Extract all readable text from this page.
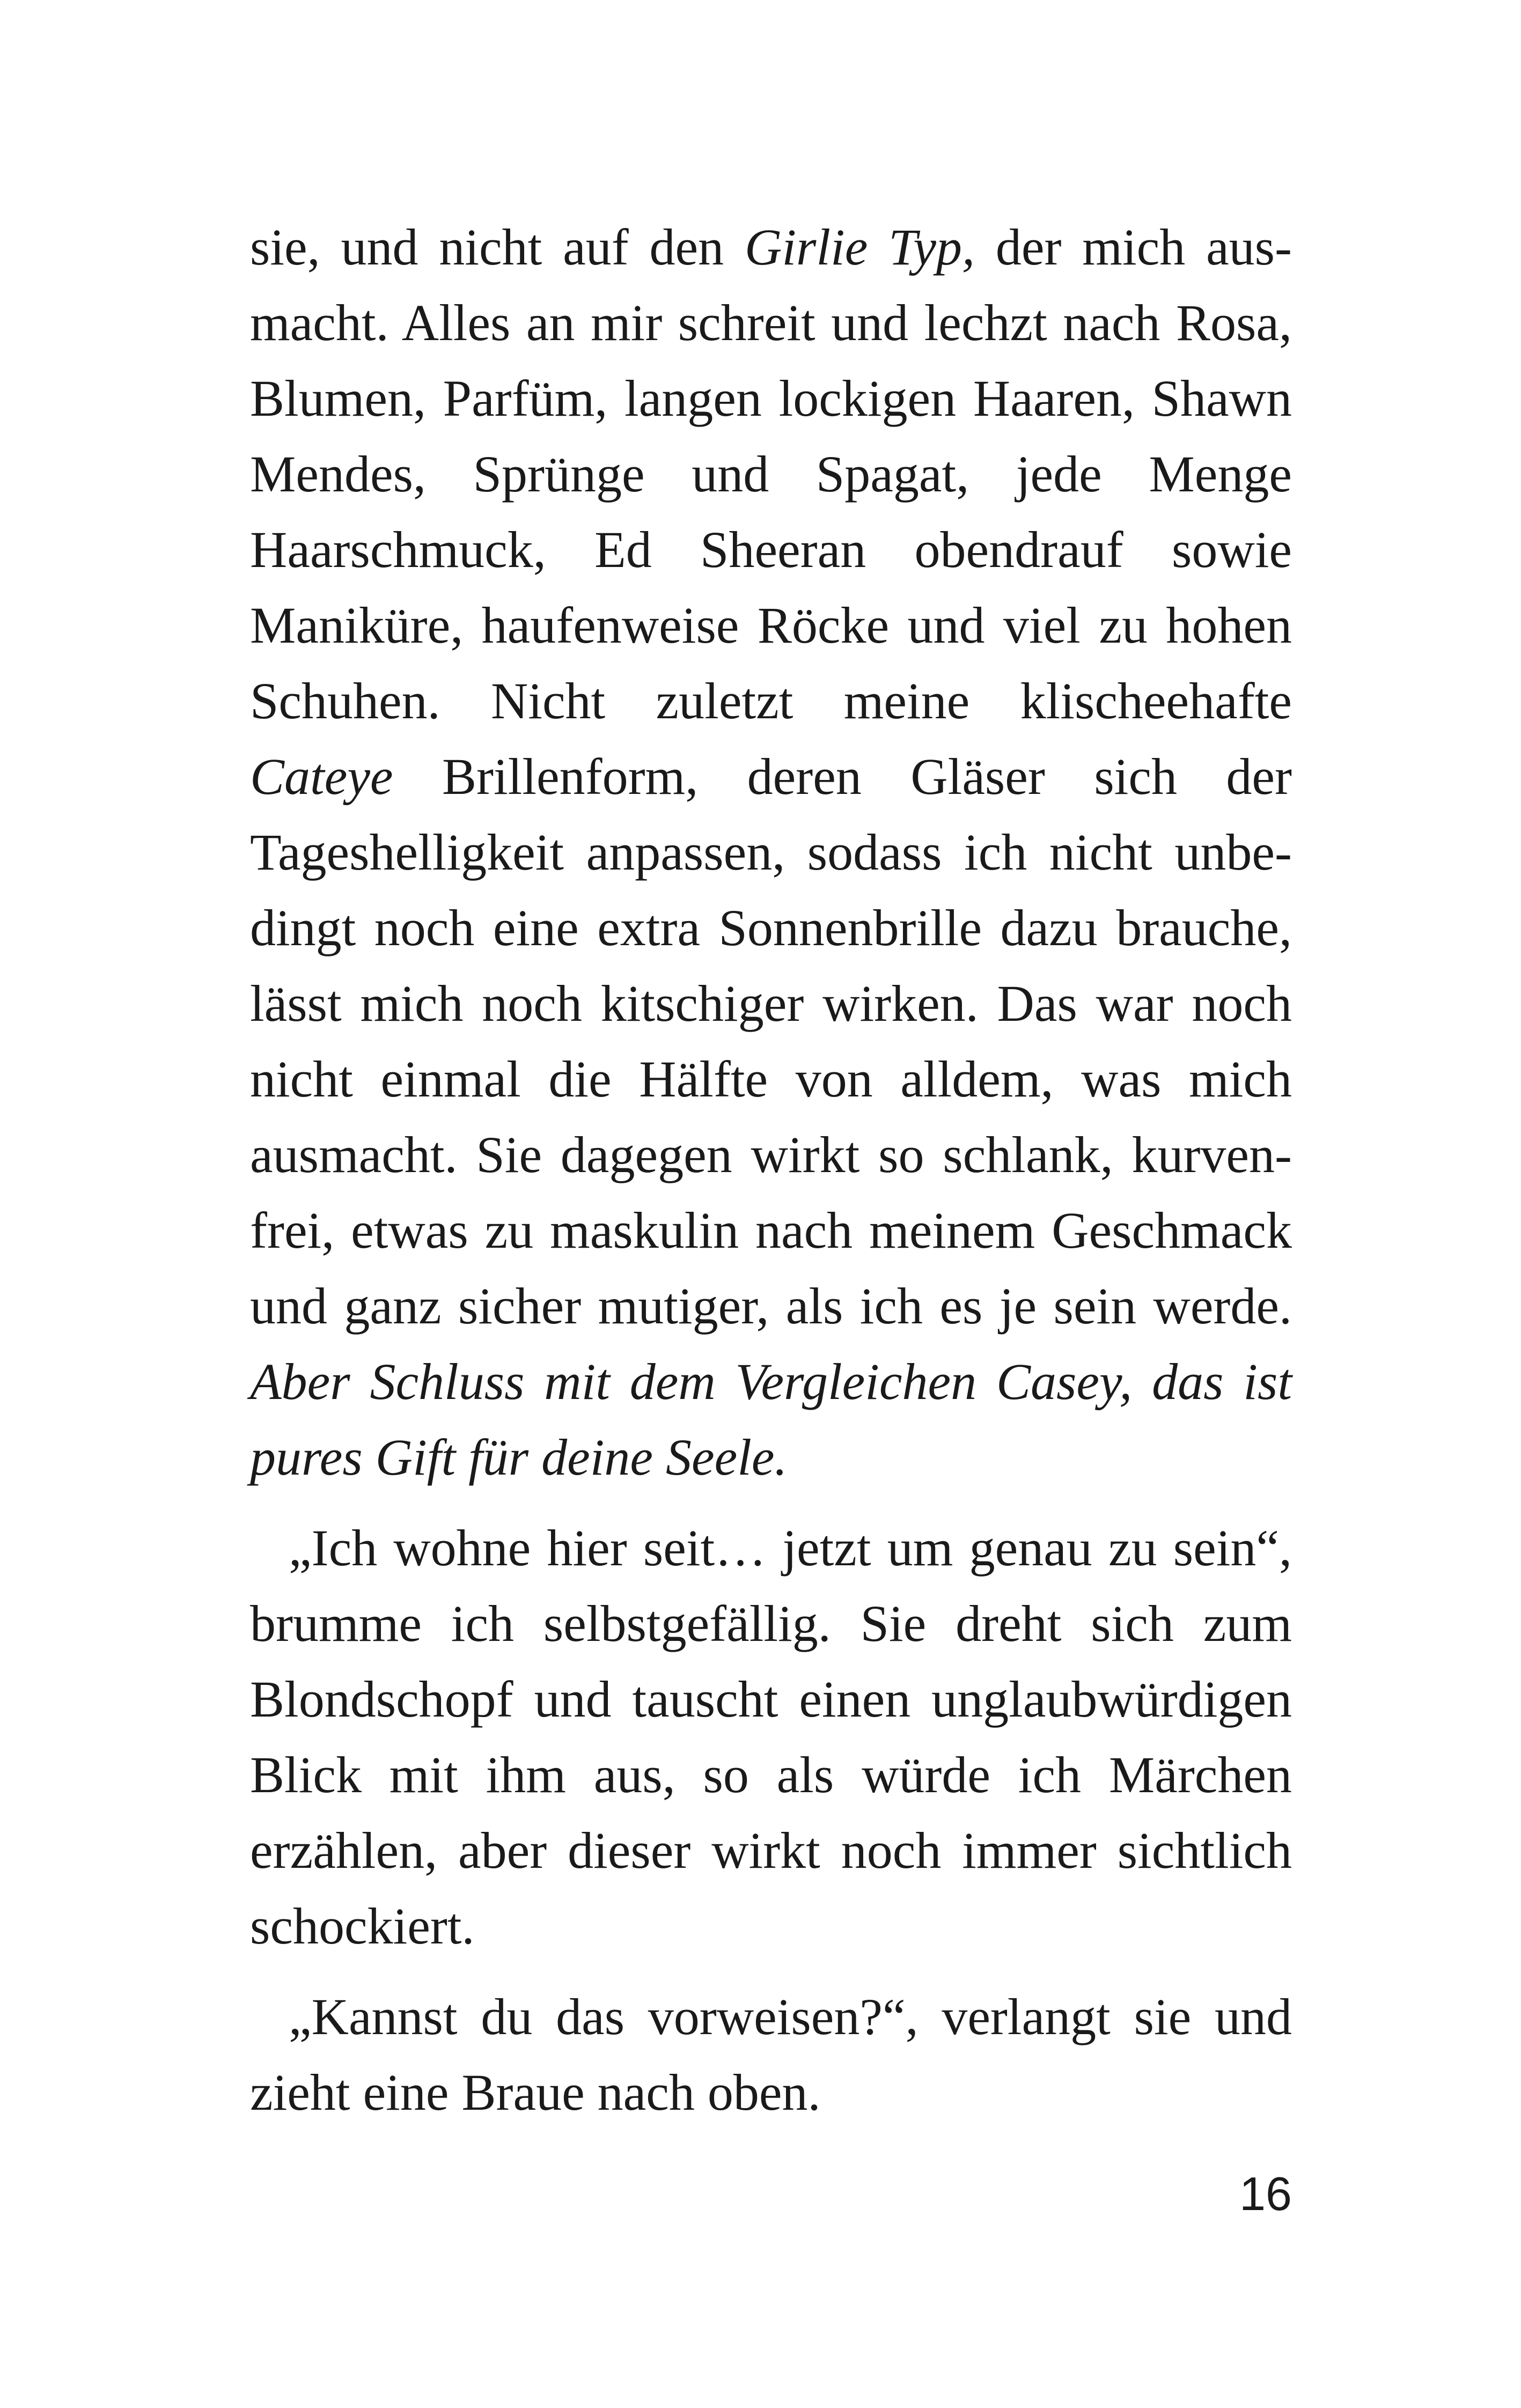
sie, und nicht auf den Girlie Typ, der mich ausmacht. Alles an mir schreit und lechzt nach Rosa, Blumen, Parfüm, langen lockigen Haaren, Shawn Mendes, Sprünge und Spagat, jede Menge Haarschmuck, Ed Sheeran obendrauf sowie Maniküre, haufenweise Röcke und viel zu hohen Schuhen. Nicht zuletzt meine klischeehafte Cateye Brillenform, deren Gläser sich der Tageshelligkeit anpassen, sodass ich nicht unbedingt noch eine extra Sonnenbrille dazu brauche, lässt mich noch kitschiger wirken. Das war noch nicht einmal die Hälfte von alldem, was mich ausmacht. Sie dagegen wirkt so schlank, kurvenfrei, etwas zu maskulin nach meinem Geschmack und ganz sicher mutiger, als ich es je sein werde. Aber Schluss mit dem Vergleichen Casey, das ist pures Gift für deine Seele.

„Ich wohne hier seit… jetzt um genau zu sein“, brumme ich selbstgefällig. Sie dreht sich zum Blondschopf und tauscht einen unglaubwürdigen Blick mit ihm aus, so als würde ich Märchen erzählen, aber dieser wirkt noch immer sichtlich schockiert.

„Kannst du das vorweisen?“, verlangt sie und zieht eine Braue nach oben.

16
